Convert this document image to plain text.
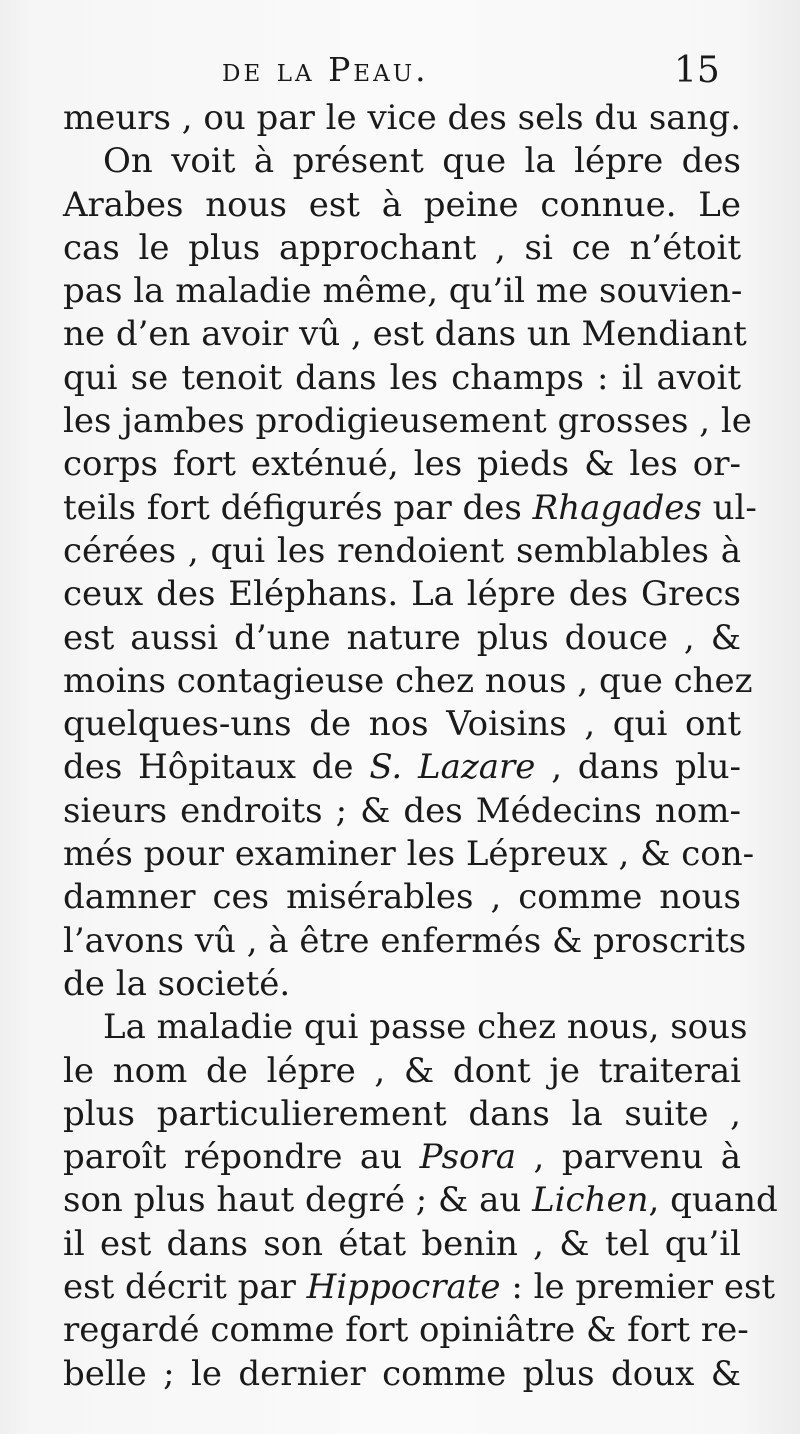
de la Peau.	15
meurs , ou par le vice des sels du sang.
On voit à présent que la lépre des
Arabes nous est à peine connue. Le
cas le plus approchant , si ce n’étoit
pas la maladie même, qu’il me souvien-
ne d’en avoir vû , est dans un Mendiant
qui se tenoit dans les champs : il avoit
les jambes prodigieusement grosses , le
corps fort exténué, les pieds & les or-
teils fort défigurés par des Rhagades ul-
cérées , qui les rendoient semblables à
ceux des Eléphans. La lépre des Grecs
est aussi d’une nature plus douce , &
moins contagieuse chez nous , que chez
quelques-uns de nos Voisins , qui ont
des Hôpitaux de S. Lazare , dans plu-
sieurs endroits ; & des Médecins nom-
més pour examiner les Lépreux , & con-
damner ces misérables , comme nous
l’avons vû , à être enfermés & proscrits
de la societé.
La maladie qui passe chez nous, sous
le nom de lépre , & dont je traiterai
plus particulierement dans la suite ,
paroît répondre au Psora , parvenu à
son plus haut degré ; & au Lichen, quand
il est dans son état benin , & tel qu’il
est décrit par Hippocrate : le premier est
regardé comme fort opiniâtre & fort re-
belle ; le dernier comme plus doux &
